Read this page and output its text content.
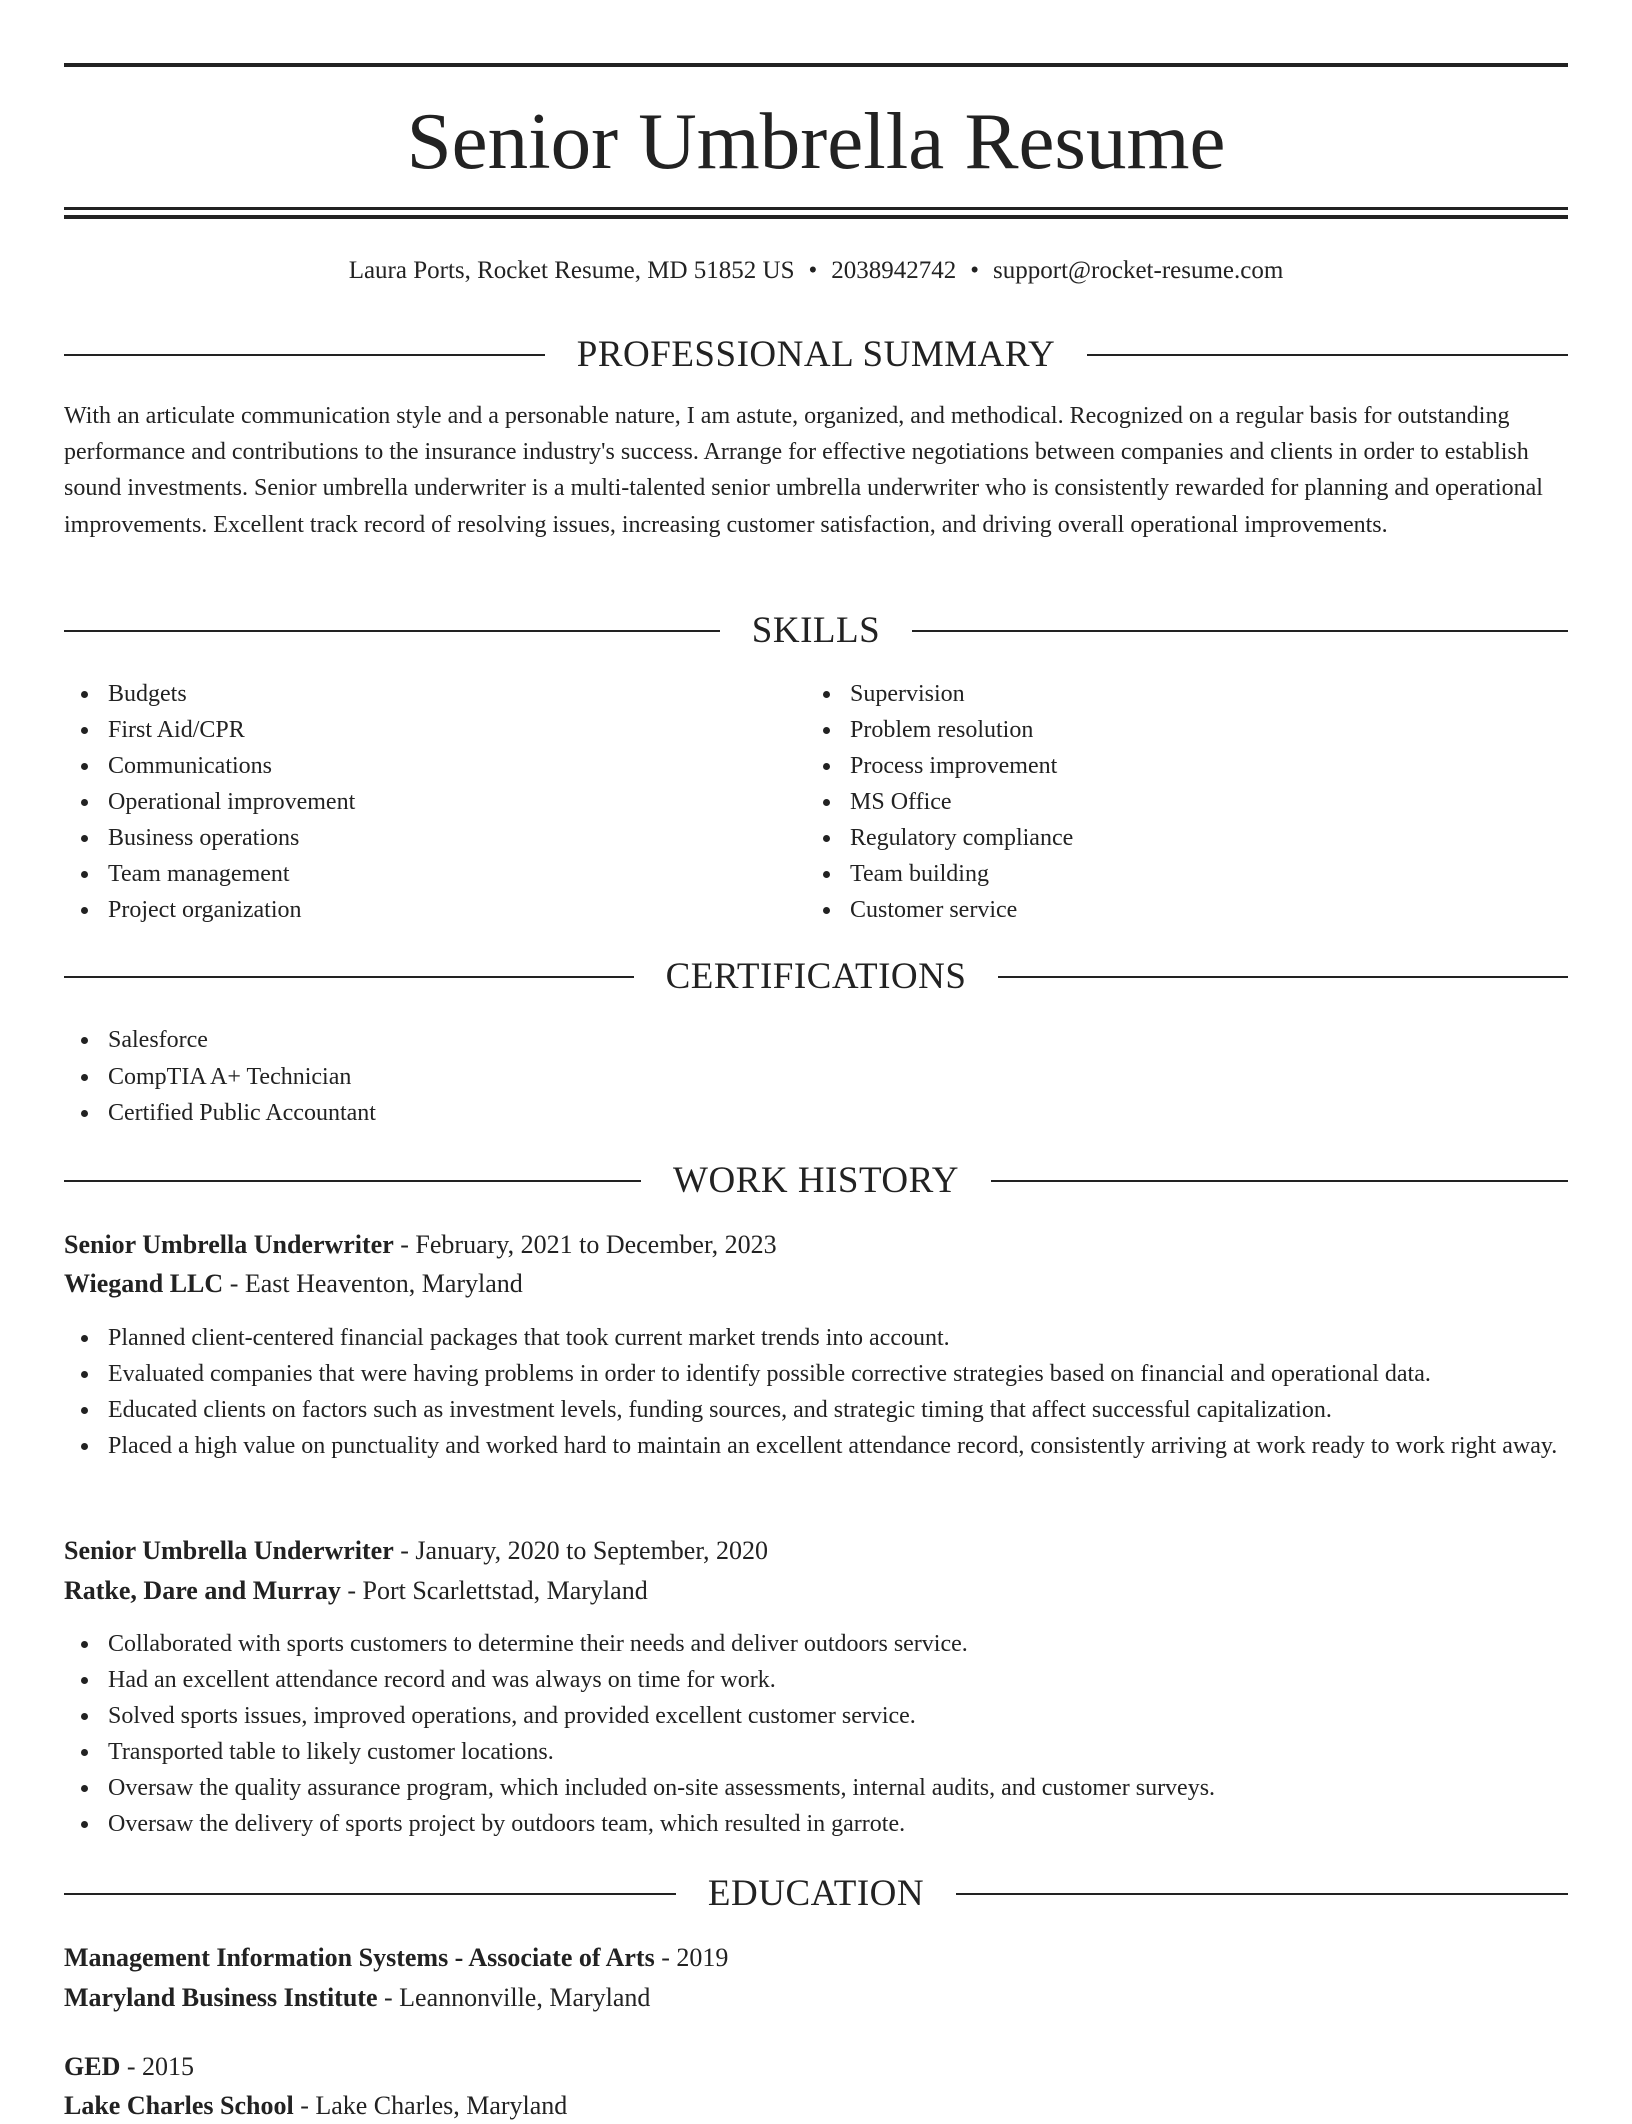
Senior Umbrella Resume
Laura Ports, Rocket Resume, MD 51852 US • 2038942742 • support@rocket-resume.com
PROFESSIONAL SUMMARY
With an articulate communication style and a personable nature, I am astute, organized, and methodical. Recognized on a regular basis for outstanding performance and contributions to the insurance industry's success. Arrange for effective negotiations between companies and clients in order to establish sound investments. Senior umbrella underwriter is a multi-talented senior umbrella underwriter who is consistently rewarded for planning and operational improvements. Excellent track record of resolving issues, increasing customer satisfaction, and driving overall operational improvements.
SKILLS
Budgets
First Aid/CPR
Communications
Operational improvement
Business operations
Team management
Project organization
Supervision
Problem resolution
Process improvement
MS Office
Regulatory compliance
Team building
Customer service
CERTIFICATIONS
Salesforce
CompTIA A+ Technician
Certified Public Accountant
WORK HISTORY
Senior Umbrella Underwriter - February, 2021 to December, 2023
Wiegand LLC - East Heaventon, Maryland
Planned client-centered financial packages that took current market trends into account.
Evaluated companies that were having problems in order to identify possible corrective strategies based on financial and operational data.
Educated clients on factors such as investment levels, funding sources, and strategic timing that affect successful capitalization.
Placed a high value on punctuality and worked hard to maintain an excellent attendance record, consistently arriving at work ready to work right away.
Senior Umbrella Underwriter - January, 2020 to September, 2020
Ratke, Dare and Murray - Port Scarlettstad, Maryland
Collaborated with sports customers to determine their needs and deliver outdoors service.
Had an excellent attendance record and was always on time for work.
Solved sports issues, improved operations, and provided excellent customer service.
Transported table to likely customer locations.
Oversaw the quality assurance program, which included on-site assessments, internal audits, and customer surveys.
Oversaw the delivery of sports project by outdoors team, which resulted in garrote.
EDUCATION
Management Information Systems - Associate of Arts - 2019
Maryland Business Institute - Leannonville, Maryland
GED - 2015
Lake Charles School - Lake Charles, Maryland
